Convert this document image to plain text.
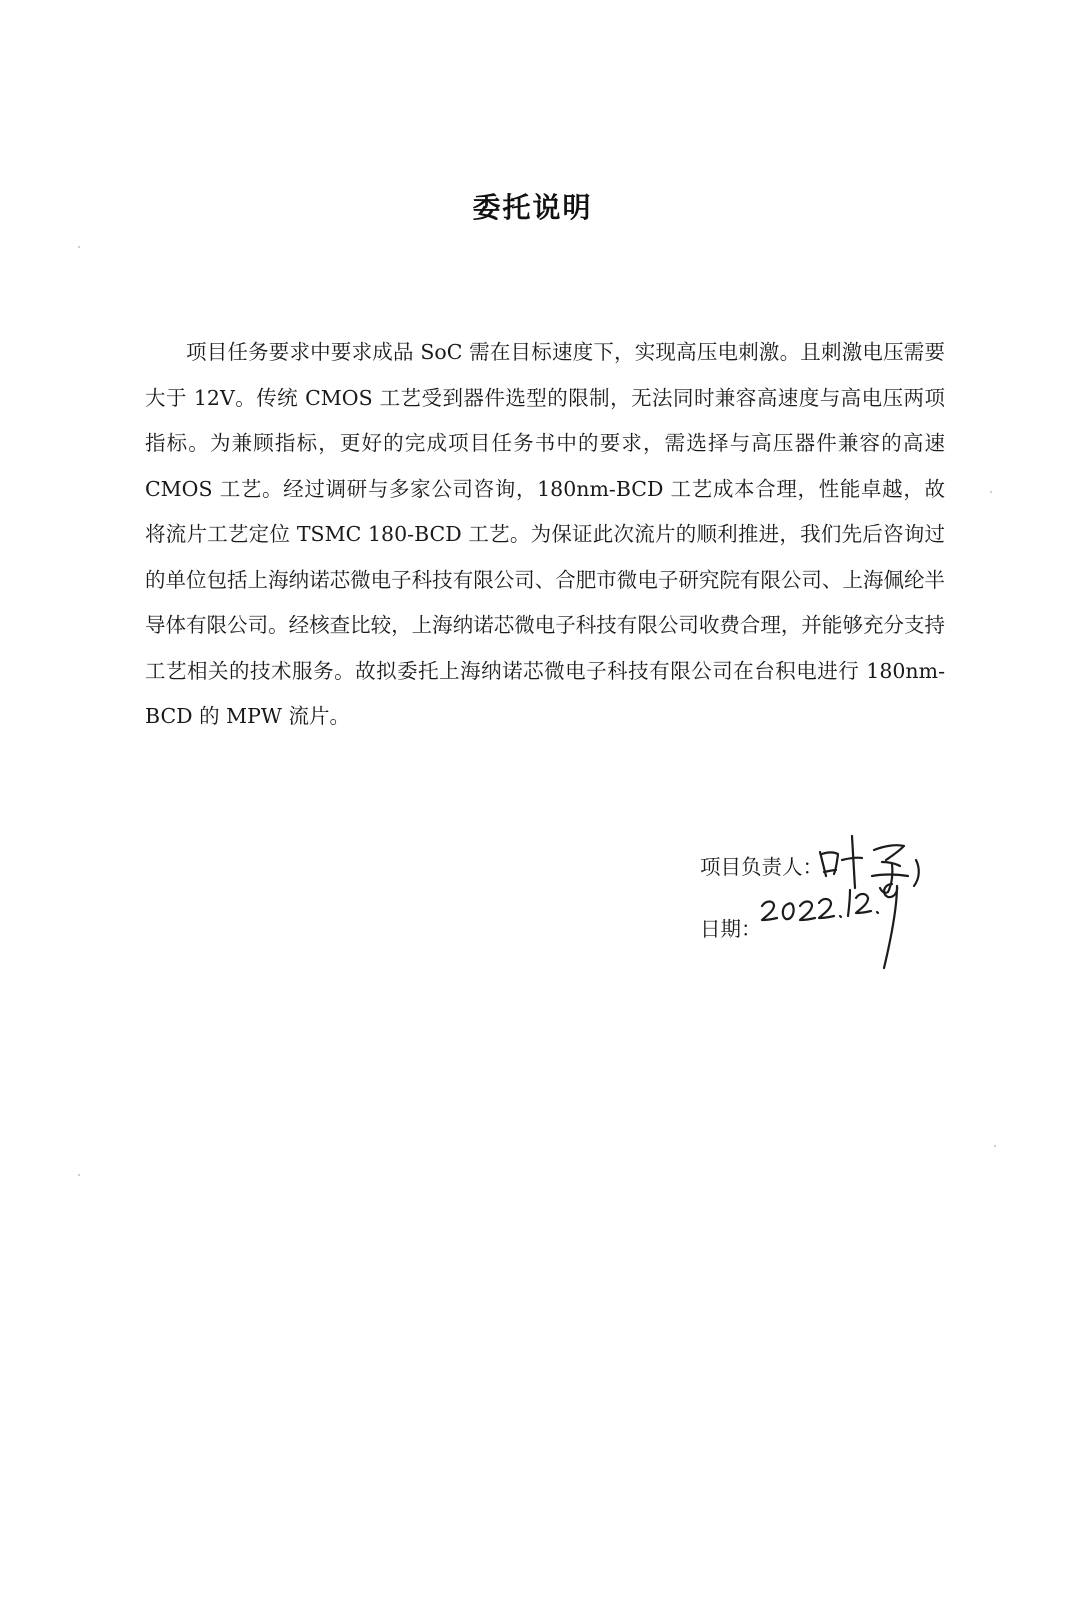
委托说明

项目任务要求中要求成品 SoC 需在目标速度下，实现高压电刺激。且刺激电压需要大于 12V。传统 CMOS 工艺受到器件选型的限制，无法同时兼容高速度与高电压两项指标。为兼顾指标，更好的完成项目任务书中的要求，需选择与高压器件兼容的高速 CMOS 工艺。经过调研与多家公司咨询，180nm-BCD 工艺成本合理，性能卓越，故将流片工艺定位 TSMC 180-BCD 工艺。为保证此次流片的顺利推进，我们先后咨询过的单位包括上海纳诺芯微电子科技有限公司、合肥市微电子研究院有限公司、上海佩纶半导体有限公司。经核查比较，上海纳诺芯微电子科技有限公司收费合理，并能够充分支持工艺相关的技术服务。故拟委托上海纳诺芯微电子科技有限公司在台积电进行 180nm-BCD 的 MPW 流片。

项目负责人：
日期：
